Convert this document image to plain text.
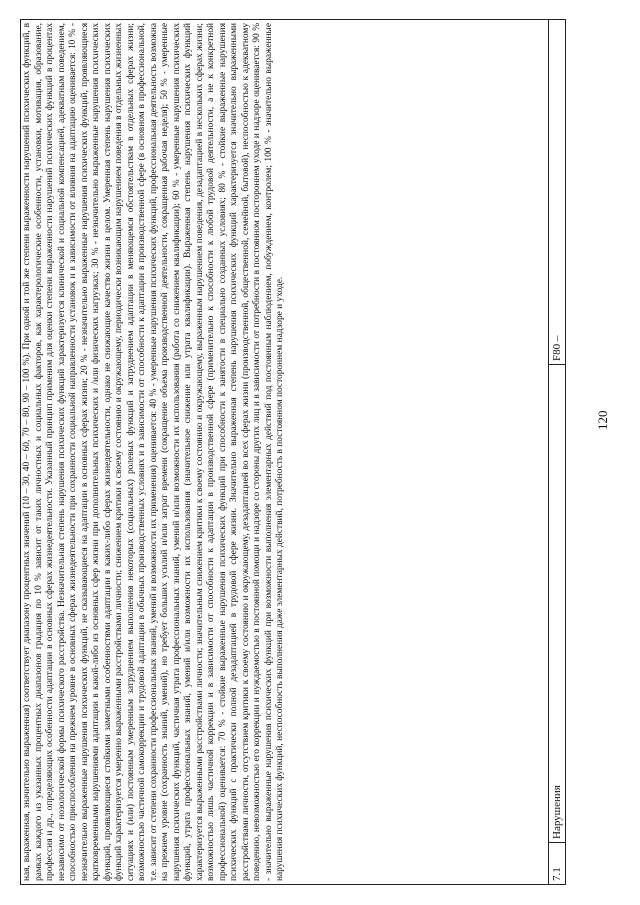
120
ная, выраженная, значительно выраженная) соответствует диапазону процентных значений (10 – 30, 40 – 60, 70 – 80, 90 – 100 %). При одной и той же степени выраженности нарушений психических функций, в рамках каждого из указанных процентных диапазонов градация по 10 % зависит от таких личностных и социальных факторов, как характерологические особенности, установки, мотивация, образование, профессия и др., определяющих особенности адаптации в основных сферах жизнедеятельности. Указанный принцип применим для оценки степени выраженности нарушений психических функций в процентах независимо от нозологической формы психического расстройства. Незначительная степень нарушения психических функций характеризуется клинической и социальной компенсацией, адекватным поведением, способностью приспособления на прежнем уровне в основных сферах жизнедеятельности при сохранности социальной направленности установок и в зависимости от влияния на адаптацию оценивается: 10 % - незначительно выраженные нарушения психических функций, не сказывающиеся на адаптации в основных сферах жизни; 20 % - незначительно выраженные нарушения психических функций, проявляющиеся кратковременными нарушениями адаптации в какой-либо из основных сфер жизни при дополнительных психических и /или физических нагрузках; 30 % - незначительно выраженные нарушения психических функций, проявляющиеся стойкими заметными особенностями адаптации в каких-либо сферах жизнедеятельности, однако не снижающие качество жизни в целом. Умеренная степень нарушения психических функций характеризуется умеренно выраженными расстройствами личности; снижением критики к своему состоянию и окружающему, периодически возникающим нарушением поведения в отдельных жизненных ситуациях и (или) постоянным умеренным затруднением выполнения некоторых (социальных) ролевых функций и затруднением адаптации в меняющемся обстоятельствам в отдельных сферах жизни; возможностью частичной самокоррекции и трудовой адаптации в обычных производственных условиях и в зависимости от способности к адаптации в производственной сфере (в основном в профессиональной, т.е. зависит от степени сохранности профессиональных знаний, умений и возможности их применения) оценивается: 40 % - умеренные нарушения психических функций, профессиональная деятельность возможна на прежнем уровне (сохранность знаний, умений), но требует больших усилий и/или затрат времени (сокращение объема производственной деятельности, сокращенная рабочая неделя); 50 % - умеренные нарушения психических функций, частичная утрата профессиональных знаний, умений и/или возможности их использования (работа со снижением квалификации); 60 % - умеренные нарушения психических функций, утрата профессиональных знаний, умений и/или возможности их использования (значительное снижение или утрата квалификации). Выраженная степень нарушения психических функций характеризуется выраженными расстройствами личности; значительным снижением критики к своему состоянию и окружающему, выраженным нарушением поведения, дезадаптацией в нескольких сферах жизни; возможностью лишь частичной коррекции и в зависимости от способности к адаптации в производственной сфере (применительно к способности к любой трудовой деятельности, а не к конкретной профессиональной) оценивается: 70 % - стойкие выраженные нарушения психических функций при способности к занятости в специально созданных условиях; 80 % - стойкие выраженные нарушения психических функций с практически полной дезадаптацией в трудовой сфере жизни. Значительно выраженная степень нарушения психических функций характеризуется значительно выраженными расстройствами личности, отсутствием критики к своему состоянию и окружающему, дезадаптацией во всех сферах жизни (производственной, общественной, семейной, бытовой), неспособностью к адекватному поведению, невозможностью его коррекции и нуждаемостью в постоянной помощи и надзоре со стороны других лиц и в зависимости от потребности в постоянном постороннем уходе и надзоре оценивается: 90 % - значительно выраженные нарушения психических функций при возможности выполнения элементарных действий под постоянным наблюдением, побуждением, контролем; 100 % - значительно выраженные нарушения психических функций, неспособность выполнения даже элементарных действий, потребность в постоянном постороннем надзоре и уходе.
7.1	Нарушения	F80 –
